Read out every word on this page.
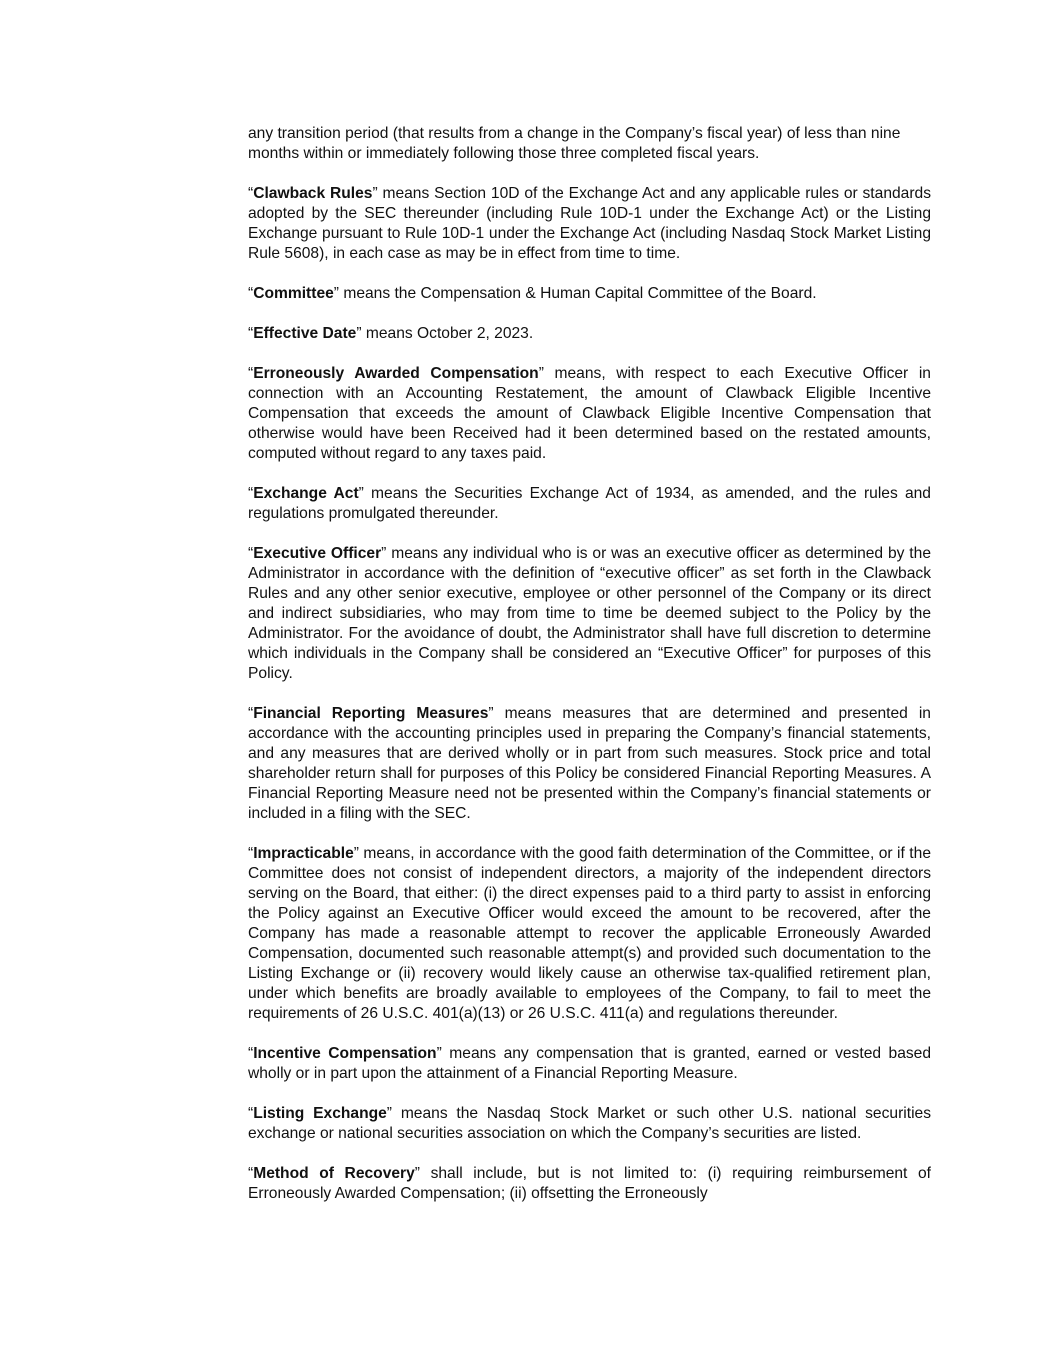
any transition period (that results from a change in the Company’s fiscal year) of less than nine months within or immediately following those three completed fiscal years.

“Clawback Rules” means Section 10D of the Exchange Act and any applicable rules or standards adopted by the SEC thereunder (including Rule 10D-1 under the Exchange Act) or the Listing Exchange pursuant to Rule 10D-1 under the Exchange Act (including Nasdaq Stock Market Listing Rule 5608), in each case as may be in effect from time to time.

“Committee” means the Compensation & Human Capital Committee of the Board.

“Effective Date” means October 2, 2023.

“Erroneously Awarded Compensation” means, with respect to each Executive Officer in connection with an Accounting Restatement, the amount of Clawback Eligible Incentive Compensation that exceeds the amount of Clawback Eligible Incentive Compensation that otherwise would have been Received had it been determined based on the restated amounts, computed without regard to any taxes paid.

“Exchange Act” means the Securities Exchange Act of 1934, as amended, and the rules and regulations promulgated thereunder.

“Executive Officer” means any individual who is or was an executive officer as determined by the Administrator in accordance with the definition of “executive officer” as set forth in the Clawback Rules and any other senior executive, employee or other personnel of the Company or its direct and indirect subsidiaries, who may from time to time be deemed subject to the Policy by the Administrator. For the avoidance of doubt, the Administrator shall have full discretion to determine which individuals in the Company shall be considered an “Executive Officer” for purposes of this Policy.

“Financial Reporting Measures” means measures that are determined and presented in accordance with the accounting principles used in preparing the Company’s financial statements, and any measures that are derived wholly or in part from such measures. Stock price and total shareholder return shall for purposes of this Policy be considered Financial Reporting Measures. A Financial Reporting Measure need not be presented within the Company’s financial statements or included in a filing with the SEC.

“Impracticable” means, in accordance with the good faith determination of the Committee, or if the Committee does not consist of independent directors, a majority of the independent directors serving on the Board, that either: (i) the direct expenses paid to a third party to assist in enforcing the Policy against an Executive Officer would exceed the amount to be recovered, after the Company has made a reasonable attempt to recover the applicable Erroneously Awarded Compensation, documented such reasonable attempt(s) and provided such documentation to the Listing Exchange or (ii) recovery would likely cause an otherwise tax-qualified retirement plan, under which benefits are broadly available to employees of the Company, to fail to meet the requirements of 26 U.S.C. 401(a)(13) or 26 U.S.C. 411(a) and regulations thereunder.

“Incentive Compensation” means any compensation that is granted, earned or vested based wholly or in part upon the attainment of a Financial Reporting Measure.

“Listing Exchange” means the Nasdaq Stock Market or such other U.S. national securities exchange or national securities association on which the Company’s securities are listed.

“Method of Recovery” shall include, but is not limited to: (i) requiring reimbursement of Erroneously Awarded Compensation; (ii) offsetting the Erroneously
